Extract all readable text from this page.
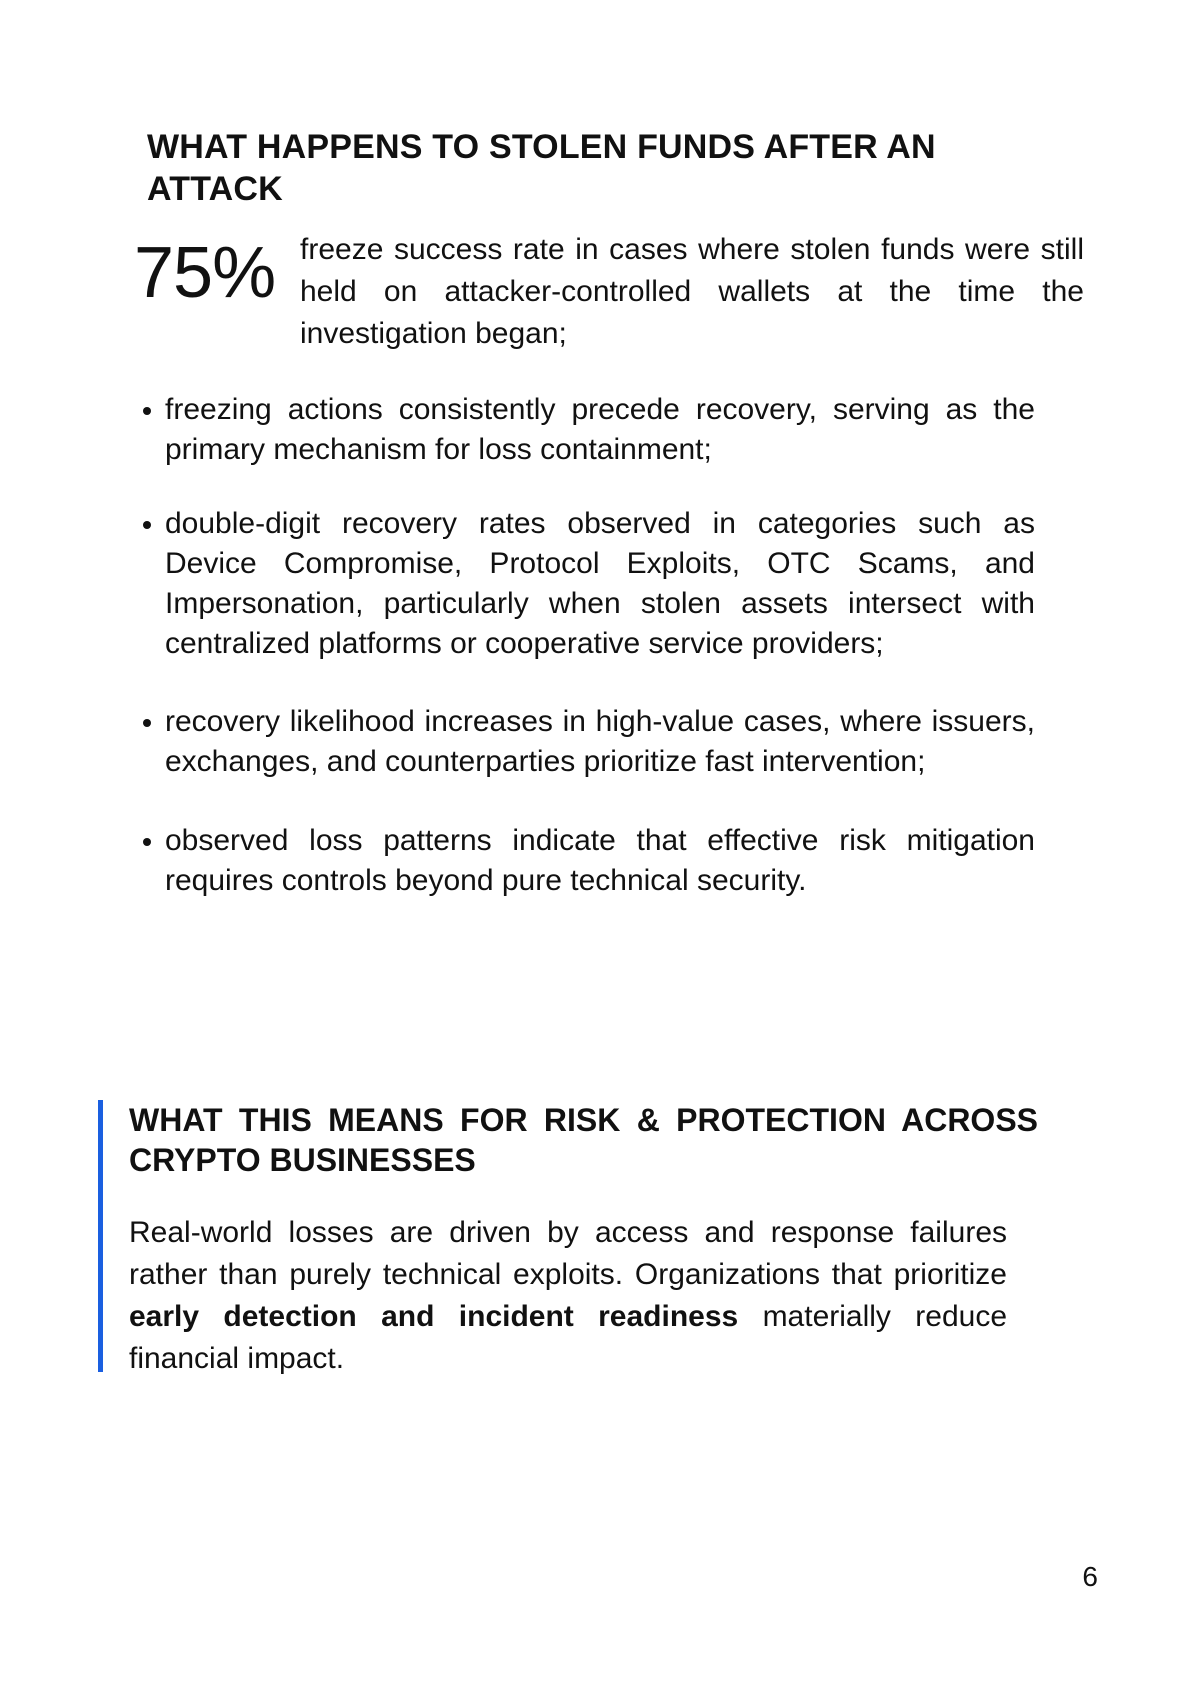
WHAT HAPPENS TO STOLEN FUNDS AFTER AN ATTACK
75% freeze success rate in cases where stolen funds were still held on attacker-controlled wallets at the time the investigation began;

freezing actions consistently precede recovery, serving as the primary mechanism for loss containment;
double-digit recovery rates observed in categories such as Device Compromise, Protocol Exploits, OTC Scams, and Impersonation, particularly when stolen assets intersect with centralized platforms or cooperative service providers;
recovery likelihood increases in high-value cases, where issuers, exchanges, and counterparties prioritize fast intervention;
observed loss patterns indicate that effective risk mitigation requires controls beyond pure technical security.
WHAT THIS MEANS FOR RISK & PROTECTION ACROSS CRYPTO BUSINESSES

Real-world losses are driven by access and response failures rather than purely technical exploits. Organizations that prioritize early detection and incident readiness materially reduce financial impact.

6
